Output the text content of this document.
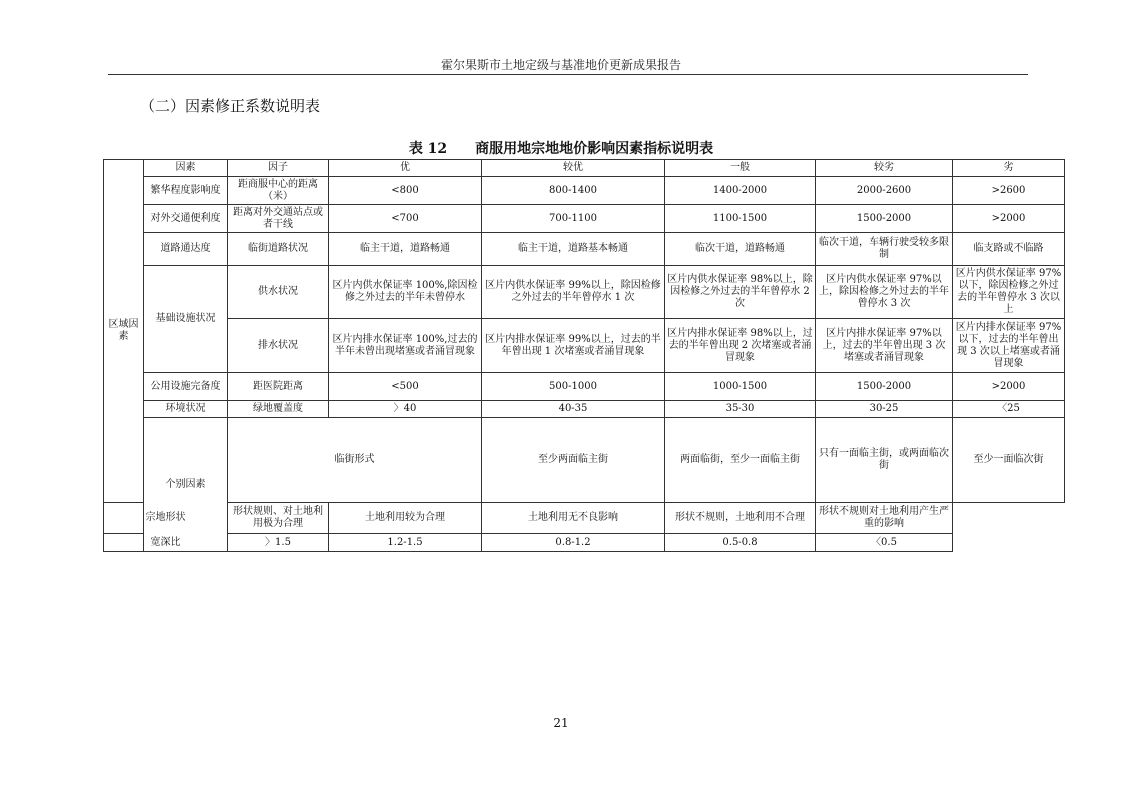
霍尔果斯市土地定级与基准地价更新成果报告
（二）因素修正系数说明表
表 12 商服用地宗地地价影响因素指标说明表
区域因素	因素	因子	优	较优	一般	较劣	劣	
	繁华程度影响度	距商服中心的距离（米）	<800	800-1400	1400-2000	2000-2600	>2600	
	对外交通便利度	距离对外交通站点或者干线	<700	700-1100	1100-1500	1500-2000	>2000	
	道路通达度	临街道路状况	临主干道，道路畅通	临主干道，道路基本畅通	临次干道，道路畅通	临次干道，车辆行驶受较多限制	临支路或不临路	
	基础设施状况	供水状况	区片内供水保证率 100%,除因检修之外过去的半年未曾停水	区片内供水保证率 99%以上，除因检修之外过去的半年曾停水 1 次	区片内供水保证率 98%以上，除因检修之外过去的半年曾停水 2 次	区片内供水保证率 97%以上，除因检修之外过去的半年曾停水 3 次	区片内供水保证率 97%以下，除因检修之外过去的半年曾停水 3 次以上	
		排水状况	区片内排水保证率 100%,过去的半年未曾出现堵塞或者涌冒现象	区片内排水保证率 99%以上，过去的半年曾出现 1 次堵塞或者涌冒现象	区片内排水保证率 98%以上，过去的半年曾出现 2 次堵塞或者涌冒现象	区片内排水保证率 97%以上，过去的半年曾出现 3 次堵塞或者涌冒现象	区片内排水保证率 97%以下，过去的半年曾出现 3 次以上堵塞或者涌冒现象	
	公用设施完备度	距医院距离	<500	500-1000	1000-1500	1500-2000	>2000	
	环境状况	绿地覆盖度	〉40	40-35	35-30	30-25	〈25	
	个别因素	临街形式		至少两面临主街	两面临街，至少一面临主街	只有一面临主街，或两面临次街	至少一面临次街	
宗地形状		形状规则、对土地利用极为合理	土地利用较为合理	土地利用无不良影响	形状不规则，土地利用不合理	形状不规则对土地利用产生严重的影响		
宽深比		〉1.5	1.2-1.5	0.8-1.2	0.5-0.8	〈0.5		
21
